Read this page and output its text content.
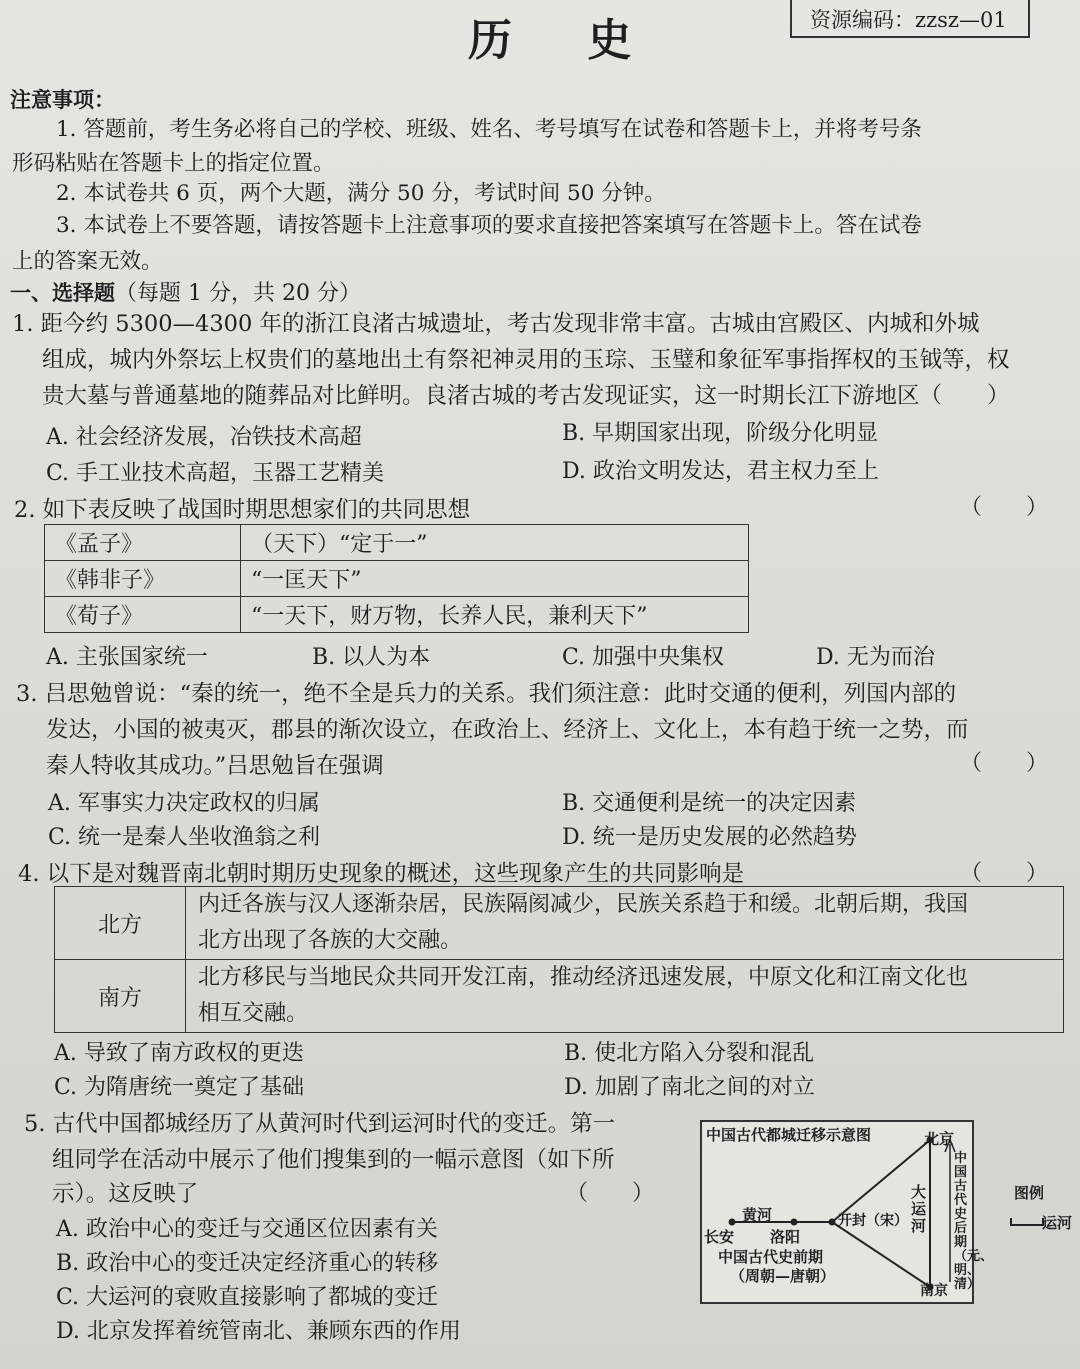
历 史	资源编码：zzsz—01
注意事项：
1. 答题前，考生务必将自己的学校、班级、姓名、考号填写在试卷和答题卡上，并将考号条
形码粘贴在答题卡上的指定位置。
2. 本试卷共 6 页，两个大题，满分 50 分，考试时间 50 分钟。
3. 本试卷上不要答题，请按答题卡上注意事项的要求直接把答案填写在答题卡上。答在试卷
上的答案无效。
一、选择题（每题 1 分，共 20 分）
1. 距今约 5300—4300 年的浙江良渚古城遗址，考古发现非常丰富。古城由宫殿区、内城和外城
组成，城内外祭坛上权贵们的墓地出土有祭祀神灵用的玉琮、玉璧和象征军事指挥权的玉钺等，权
贵大墓与普通墓地的随葬品对比鲜明。良渚古城的考古发现证实，这一时期长江下游地区（　　）
A. 社会经济发展，冶铁技术高超	B. 早期国家出现，阶级分化明显
C. 手工业技术高超，玉器工艺精美	D. 政治文明发达，君主权力至上
2. 如下表反映了战国时期思想家们的共同思想	（　　）
《孟子》	（天下）“定于一”
《韩非子》	“一匡天下”
《荀子》	“一天下，财万物，长养人民，兼利天下”
A. 主张国家统一	B. 以人为本	C. 加强中央集权	D. 无为而治
3. 吕思勉曾说：“秦的统一，绝不全是兵力的关系。我们须注意：此时交通的便利，列国内部的
发达，小国的被夷灭，郡县的渐次设立，在政治上、经济上、文化上，本有趋于统一之势，而
秦人特收其成功。”吕思勉旨在强调	（　　）
A. 军事实力决定政权的归属	B. 交通便利是统一的决定因素
C. 统一是秦人坐收渔翁之利	D. 统一是历史发展的必然趋势
4. 以下是对魏晋南北朝时期历史现象的概述，这些现象产生的共同影响是	（　　）
北方	内迁各族与汉人逐渐杂居，民族隔阂减少，民族关系趋于和缓。北朝后期，我国
北方出现了各族的大交融。

南方	北方移民与当地民众共同开发江南，推动经济迅速发展，中原文化和江南文化也
相互交融。
A. 导致了南方政权的更迭	B. 使北方陷入分裂和混乱
C. 为隋唐统一奠定了基础	D. 加剧了南北之间的对立
5. 古代中国都城经历了从黄河时代到运河时代的变迁。第一
组同学在活动中展示了他们搜集到的一幅示意图（如下所
示）。这反映了	（　　）
A. 政治中心的变迁与交通区位因素有关
B. 政治中心的变迁决定经济重心的转移
C. 大运河的衰败直接影响了都城的变迁
D. 北京发挥着统管南北、兼顾东西的作用
中国古代都城迁移示意图	北京
南京
长安 洛阳
开封（宋）
黄河
大运河
中国古代史前期
（周朝—唐朝）
中国古代史后期（元、明、清）
图例
运河
